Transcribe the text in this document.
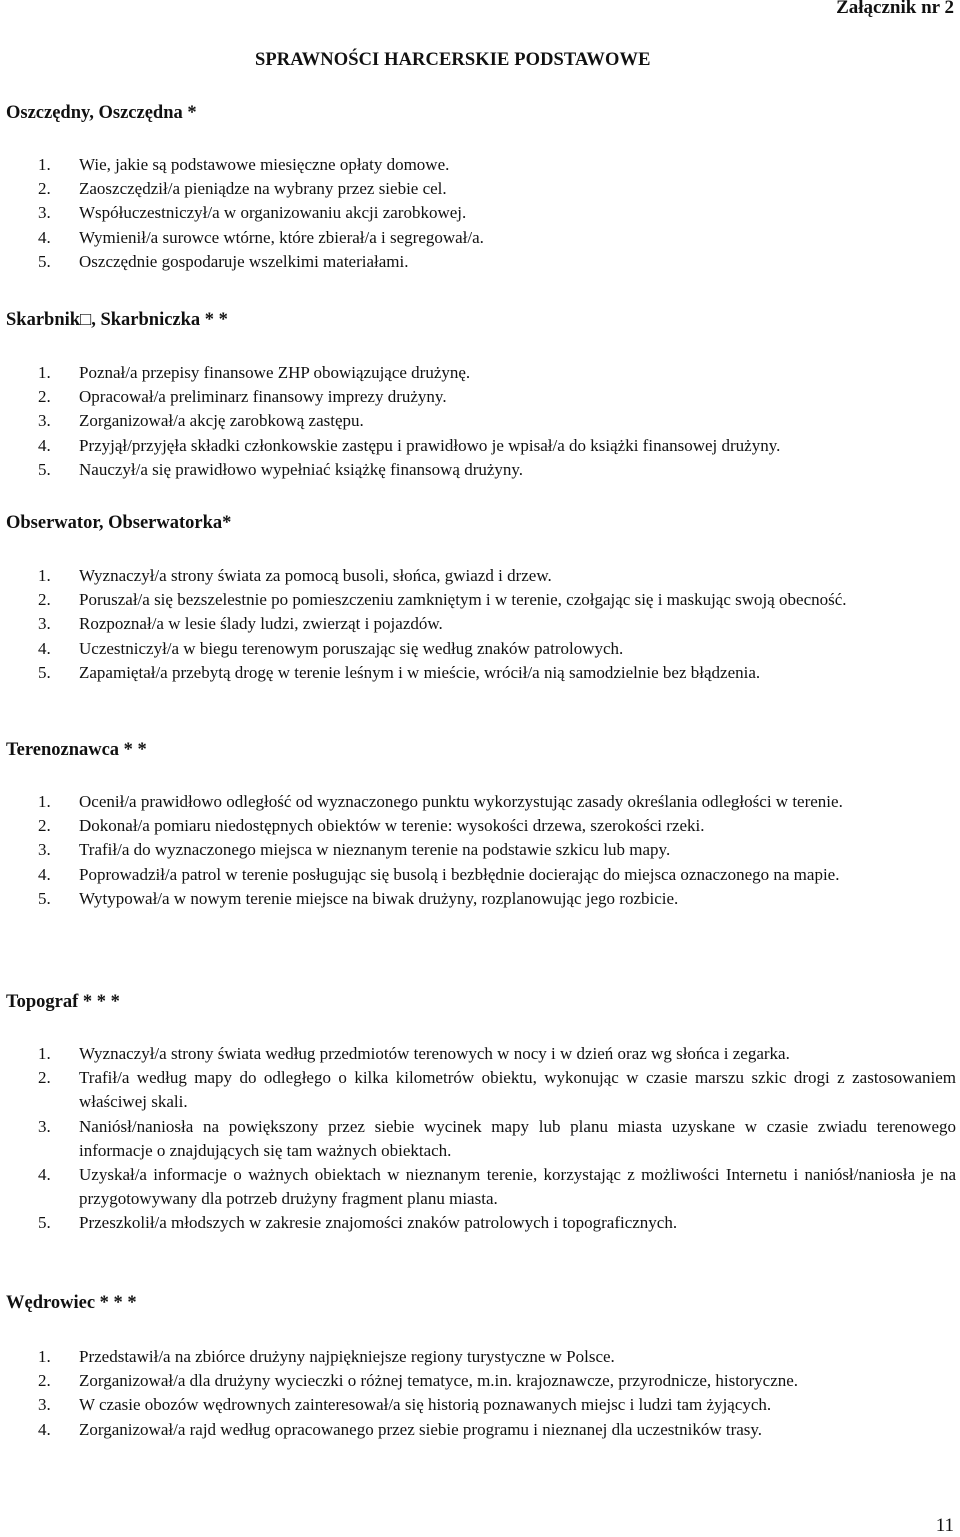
Załącznik nr 2
SPRAWNOŚCI HARCERSKIE PODSTAWOWE
Oszczędny, Oszczędna *
1. Wie, jakie są podstawowe miesięczne opłaty domowe.
2. Zaoszczędził/a pieniądze na wybrany przez siebie cel.
3. Współuczestniczył/a w organizowaniu akcji zarobkowej.
4. Wymienił/a surowce wtórne, które zbierał/a i segregował/a.
5. Oszczędnie gospodaruje wszelkimi materiałami.
Skarbnik□, Skarbniczka * *
1. Poznał/a przepisy finansowe ZHP obowiązujące drużynę.
2. Opracował/a preliminarz finansowy imprezy drużyny.
3. Zorganizował/a akcję zarobkową zastępu.
4. Przyjął/przyjęła składki członkowskie zastępu i prawidłowo je wpisał/a do książki finansowej drużyny.
5. Nauczył/a się prawidłowo wypełniać książkę finansową drużyny.
Obserwator, Obserwatorka*
1. Wyznaczył/a strony świata za pomocą busoli, słońca, gwiazd i drzew.
2. Poruszał/a się bezszelestnie po pomieszczeniu zamkniętym i w terenie, czołgając się i maskując swoją obecność.
3. Rozpoznał/a w lesie ślady ludzi, zwierząt i pojazdów.
4. Uczestniczył/a w biegu terenowym poruszając się według znaków patrolowych.
5. Zapamiętał/a przebytą drogę w terenie leśnym i w mieście, wrócił/a nią samodzielnie bez błądzenia.
Terenoznawca * *
1. Ocenił/a prawidłowo odległość od wyznaczonego punktu wykorzystując zasady określania odległości w terenie.
2. Dokonał/a pomiaru niedostępnych obiektów w terenie: wysokości drzewa, szerokości rzeki.
3. Trafił/a do wyznaczonego miejsca w nieznanym terenie na podstawie szkicu lub mapy.
4. Poprowadził/a patrol w terenie posługując się busolą i bezbłędnie docierając do miejsca oznaczonego na mapie.
5. Wytypował/a w nowym terenie miejsce na biwak drużyny, rozplanowując jego rozbicie.
Topograf * * *
1. Wyznaczył/a strony świata według przedmiotów terenowych w nocy i w dzień oraz wg słońca i zegarka.
2. Trafił/a według mapy do odległego o kilka kilometrów obiektu, wykonując w czasie marszu szkic drogi z zastosowaniem właściwej skali.
3. Naniósł/naniosła na powiększony przez siebie wycinek mapy lub planu miasta uzyskane w czasie zwiadu terenowego informacje o znajdujących się tam ważnych obiektach.
4. Uzyskał/a informacje o ważnych obiektach w nieznanym terenie, korzystając z możliwości Internetu i naniósł/naniosła je na przygotowywany dla potrzeb drużyny fragment planu miasta.
5. Przeszkolił/a młodszych w zakresie znajomości znaków patrolowych i topograficznych.
Wędrowiec * * *
1. Przedstawił/a na zbiórce drużyny najpiękniejsze regiony turystyczne w Polsce.
2. Zorganizował/a dla drużyny wycieczki o różnej tematyce, m.in. krajoznawcze, przyrodnicze, historyczne.
3. W czasie obozów wędrownych zainteresował/a się historią poznawanych miejsc i ludzi tam żyjących.
4. Zorganizował/a rajd według opracowanego przez siebie programu i nieznanej dla uczestników trasy.
11
